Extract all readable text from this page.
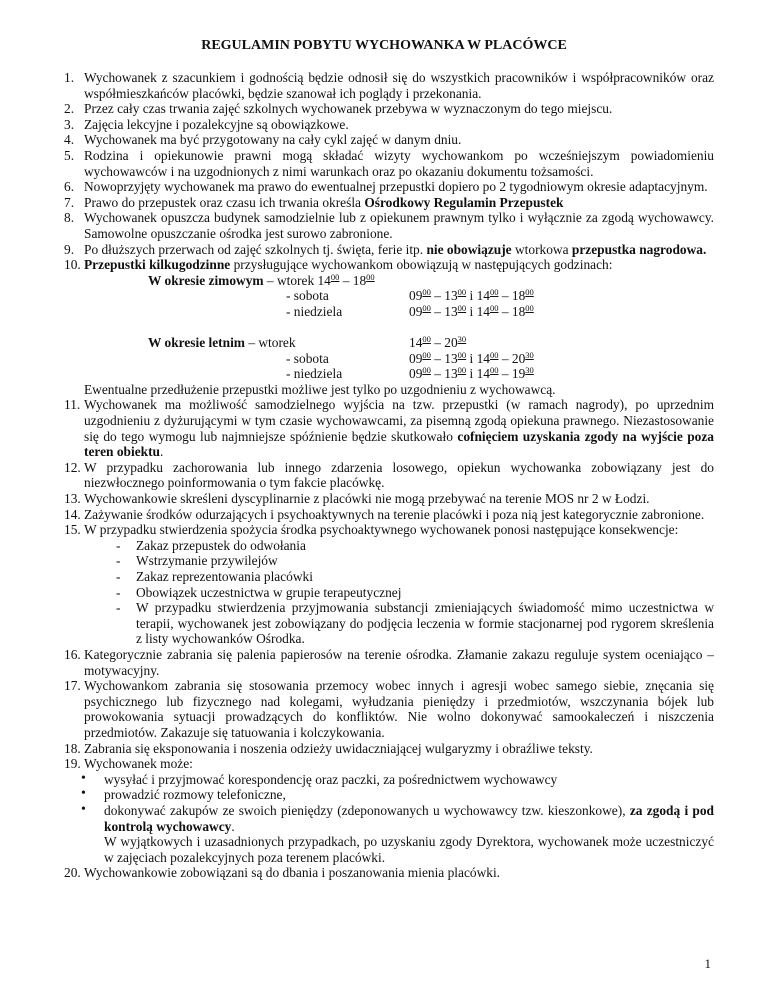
REGULAMIN POBYTU WYCHOWANKA W PLACÓWCE
1. Wychowanek z szacunkiem i godnością będzie odnosił się do wszystkich pracowników i współpracowników oraz współmieszkańców placówki, będzie szanował ich poglądy i przekonania.
2. Przez cały czas trwania zajęć szkolnych wychowanek przebywa w wyznaczonym do tego miejscu.
3. Zajęcia lekcyjne i pozalekcyjne są obowiązkowe.
4. Wychowanek ma być przygotowany na cały cykl zajęć w danym dniu.
5. Rodzina i opiekunowie prawni mogą składać wizyty wychowankom po wcześniejszym powiadomieniu wychowawców i na uzgodnionych z nimi warunkach oraz po okazaniu dokumentu tożsamości.
6. Nowoprzyjęty wychowanek ma prawo do ewentualnej przepustki dopiero po 2 tygodniowym okresie adaptacyjnym.
7. Prawo do przepustek oraz czasu ich trwania określa Ośrodkowy Regulamin Przepustek
8. Wychowanek opuszcza budynek samodzielnie lub z opiekunem prawnym tylko i wyłącznie za zgodą wychowawcy. Samowolne opuszczanie ośrodka jest surowo zabronione.
9. Po dłuższych przerwach od zajęć szkolnych tj. święta, ferie itp. nie obowiązuje wtorkowa przepustka nagrodowa.
10. Przepustki kilkugodzinne przysługujące wychowankom obowiązują w następujących godzinach:
W okresie zimowym – wtorek $14^{00} - 18^{00}$
- sobota	$09^{00} - 13^{00}$ i $14^{00} - 18^{00}$
- niedziela	$09^{00} - 13^{00}$ i $14^{00} - 18^{00}$
W okresie letnim – wtorek	$14^{00} - 20^{30}$
- sobota	$09^{00} - 13^{00}$ i $14^{00} - 20^{30}$
- niedziela	$09^{00} - 13^{00}$ i $14^{00} - 19^{30}$
Ewentualne przedłużenie przepustki możliwe jest tylko po uzgodnieniu z wychowawcą.
11. Wychowanek ma możliwość samodzielnego wyjścia na tzw. przepustki (w ramach nagrody), po uprzednim uzgodnieniu z dyżurującymi w tym czasie wychowawcami, za pisemną zgodą opiekuna prawnego. Niezastosowanie się do tego wymogu lub najmniejsze spóźnienie będzie skutkowało cofnięciem uzyskania zgody na wyjście poza teren obiektu.
12. W przypadku zachorowania lub innego zdarzenia losowego, opiekun wychowanka zobowiązany jest do niezwłocznego poinformowania o tym fakcie placówkę.
13. Wychowankowie skreśleni dyscyplinarnie z placówki nie mogą przebywać na terenie MOS nr 2 w Łodzi.
14. Zażywanie środków odurzających i psychoaktywnych na terenie placówki i poza nią jest kategorycznie zabronione.
15. W przypadku stwierdzenia spożycia środka psychoaktywnego wychowanek ponosi następujące konsekwencje:
- Zakaz przepustek do odwołania
- Wstrzymanie przywilejów
- Zakaz reprezentowania placówki
- Obowiązek uczestnictwa w grupie terapeutycznej
- W przypadku stwierdzenia przyjmowania substancji zmieniających świadomość mimo uczestnictwa w terapii, wychowanek jest zobowiązany do podjęcia leczenia w formie stacjonarnej pod rygorem skreślenia z listy wychowanków Ośrodka.
16. Kategorycznie zabrania się palenia papierosów na terenie ośrodka. Złamanie zakazu reguluje system oceniająco – motywacyjny.
17. Wychowankom zabrania się stosowania przemocy wobec innych i agresji wobec samego siebie, znęcania się psychicznego lub fizycznego nad kolegami, wyłudzania pieniędzy i przedmiotów, wszczynania bójek lub prowokowania sytuacji prowadzących do konfliktów. Nie wolno dokonywać samookaleczeń i niszczenia przedmiotów. Zakazuje się tatuowania i kolczykowania.
18. Zabrania się eksponowania i noszenia odzieży uwidaczniającej wulgaryzmy i obraźliwe teksty.
19. Wychowanek może:
• wysyłać i przyjmować korespondencję oraz paczki, za pośrednictwem wychowawcy
• prowadzić rozmowy telefoniczne,
• dokonywać zakupów ze swoich pieniędzy (zdeponowanych u wychowawcy tzw. kieszonkowe), za zgodą i pod kontrolą wychowawcy.
W wyjątkowych i uzasadnionych przypadkach, po uzyskaniu zgody Dyrektora, wychowanek może uczestniczyć w zajęciach pozalekcyjnych poza terenem placówki.
20. Wychowankowie zobowiązani są do dbania i poszanowania mienia placówki.
1
